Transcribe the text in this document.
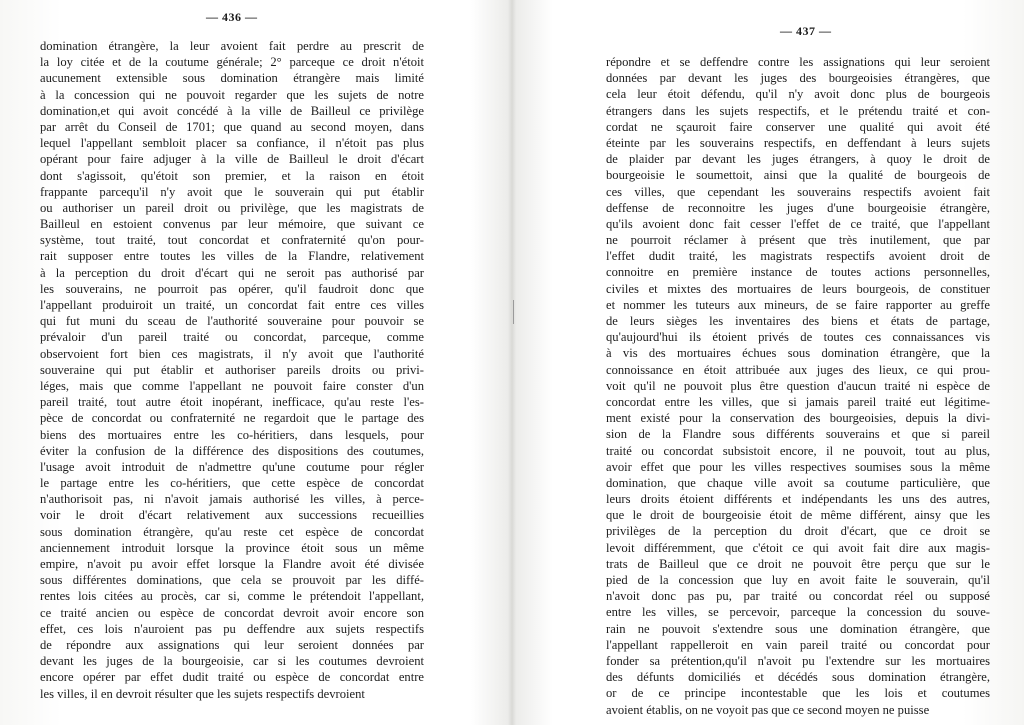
— 436 —
domination étrangère, la leur avoient fait perdre au prescrit de
la loy citée et de la coutume générale; 2° parceque ce droit n'étoit
aucunement extensible sous domination étrangère mais limité
à la concession qui ne pouvoit regarder que les sujets de notre
domination,et qui avoit concédé à la ville de Bailleul ce privilège
par arrêt du Conseil de 1701; que quand au second moyen, dans
lequel l'appellant sembloit placer sa confiance, il n'étoit pas plus
opérant pour faire adjuger à la ville de Bailleul le droit d'écart
dont s'agissoit, qu'étoit son premier, et la raison en étoit
frappante parcequ'il n'y avoit que le souverain qui put établir
ou authoriser un pareil droit ou privilège, que les magistrats de
Bailleul en estoient convenus par leur mémoire, que suivant ce
système, tout traité, tout concordat et confraternité qu'on pour-
rait supposer entre toutes les villes de la Flandre, relativement
à la perception du droit d'écart qui ne seroit pas authorisé par
les souverains, ne pourroit pas opérer, qu'il faudroit donc que
l'appellant produiroit un traité, un concordat fait entre ces villes
qui fut muni du sceau de l'authorité souveraine pour pouvoir se
prévaloir d'un pareil traité ou concordat, parceque, comme
observoient fort bien ces magistrats, il n'y avoit que l'authorité
souveraine qui put établir et authoriser pareils droits ou privi-
léges, mais que comme l'appellant ne pouvoit faire conster d'un
pareil traité, tout autre étoit inopérant, inefficace, qu'au reste l'es-
pèce de concordat ou confraternité ne regardoit que le partage des
biens des mortuaires entre les co-héritiers, dans lesquels, pour
éviter la confusion de la différence des dispositions des coutumes,
l'usage avoit introduit de n'admettre qu'une coutume pour régler
le partage entre les co-héritiers, que cette espèce de concordat
n'authorisoit pas, ni n'avoit jamais authorisé les villes, à perce-
voir le droit d'écart relativement aux successions recueillies
sous domination étrangère, qu'au reste cet espèce de concordat
anciennement introduit lorsque la province étoit sous un même
empire, n'avoit pu avoir effet lorsque la Flandre avoit été divisée
sous différentes dominations, que cela se prouvoit par les diffé-
rentes lois citées au procès, car si, comme le prétendoit l'appellant,
ce traité ancien ou espèce de concordat devroit avoir encore son
effet, ces lois n'auroient pas pu deffendre aux sujets respectifs
de répondre aux assignations qui leur seroient données par
devant les juges de la bourgeoisie, car si les coutumes devroient
encore opérer par effet dudit traité ou espèce de concordat entre
les villes, il en devroit résulter que les sujets respectifs devroient
— 437 —
répondre et se deffendre contre les assignations qui leur seroient
données par devant les juges des bourgeoisies étrangères, que
cela leur étoit défendu, qu'il n'y avoit donc plus de bourgeois
étrangers dans les sujets respectifs, et le prétendu traité et con-
cordat ne sçauroit faire conserver une qualité qui avoit été
éteinte par les souverains respectifs, en deffendant à leurs sujets
de plaider par devant les juges étrangers, à quoy le droit de
bourgeoisie le soumettoit, ainsi que la qualité de bourgeois de
ces villes, que cependant les souverains respectifs avoient fait
deffense de reconnoitre les juges d'une bourgeoisie étrangère,
qu'ils avoient donc fait cesser l'effet de ce traité, que l'appellant
ne pourroit réclamer à présent que très inutilement, que par
l'effet dudit traité, les magistrats respectifs avoient droit de
connoitre en première instance de toutes actions personnelles,
civiles et mixtes des mortuaires de leurs bourgeois, de constituer
et nommer les tuteurs aux mineurs, de se faire rapporter au greffe
de leurs sièges les inventaires des biens et états de partage,
qu'aujourd'hui ils étoient privés de toutes ces connaissances vis
à vis des mortuaires échues sous domination étrangère, que la
connoissance en étoit attribuée aux juges des lieux, ce qui prou-
voit qu'il ne pouvoit plus être question d'aucun traité ni espèce de
concordat entre les villes, que si jamais pareil traité eut légitime-
ment existé pour la conservation des bourgeoisies, depuis la divi-
sion de la Flandre sous différents souverains et que si pareil
traité ou concordat subsistoit encore, il ne pouvoit, tout au plus,
avoir effet que pour les villes respectives soumises sous la même
domination, que chaque ville avoit sa coutume particulière, que
leurs droits étoient différents et indépendants les uns des autres,
que le droit de bourgeoisie étoit de même différent, ainsy que les
privilèges de la perception du droit d'écart, que ce droit se
levoit différemment, que c'étoit ce qui avoit fait dire aux magis-
trats de Bailleul que ce droit ne pouvoit être perçu que sur le
pied de la concession que luy en avoit faite le souverain, qu'il
n'avoit donc pas pu, par traité ou concordat réel ou supposé
entre les villes, se percevoir, parceque la concession du souve-
rain ne pouvoit s'extendre sous une domination étrangère, que
l'appellant rappelleroit en vain pareil traité ou concordat pour
fonder sa prétention,qu'il n'avoit pu l'extendre sur les mortuaires
des défunts domiciliés et décédés sous domination étrangère,
or de ce principe incontestable que les lois et coutumes
avoient établis, on ne voyoit pas que ce second moyen ne puisse
